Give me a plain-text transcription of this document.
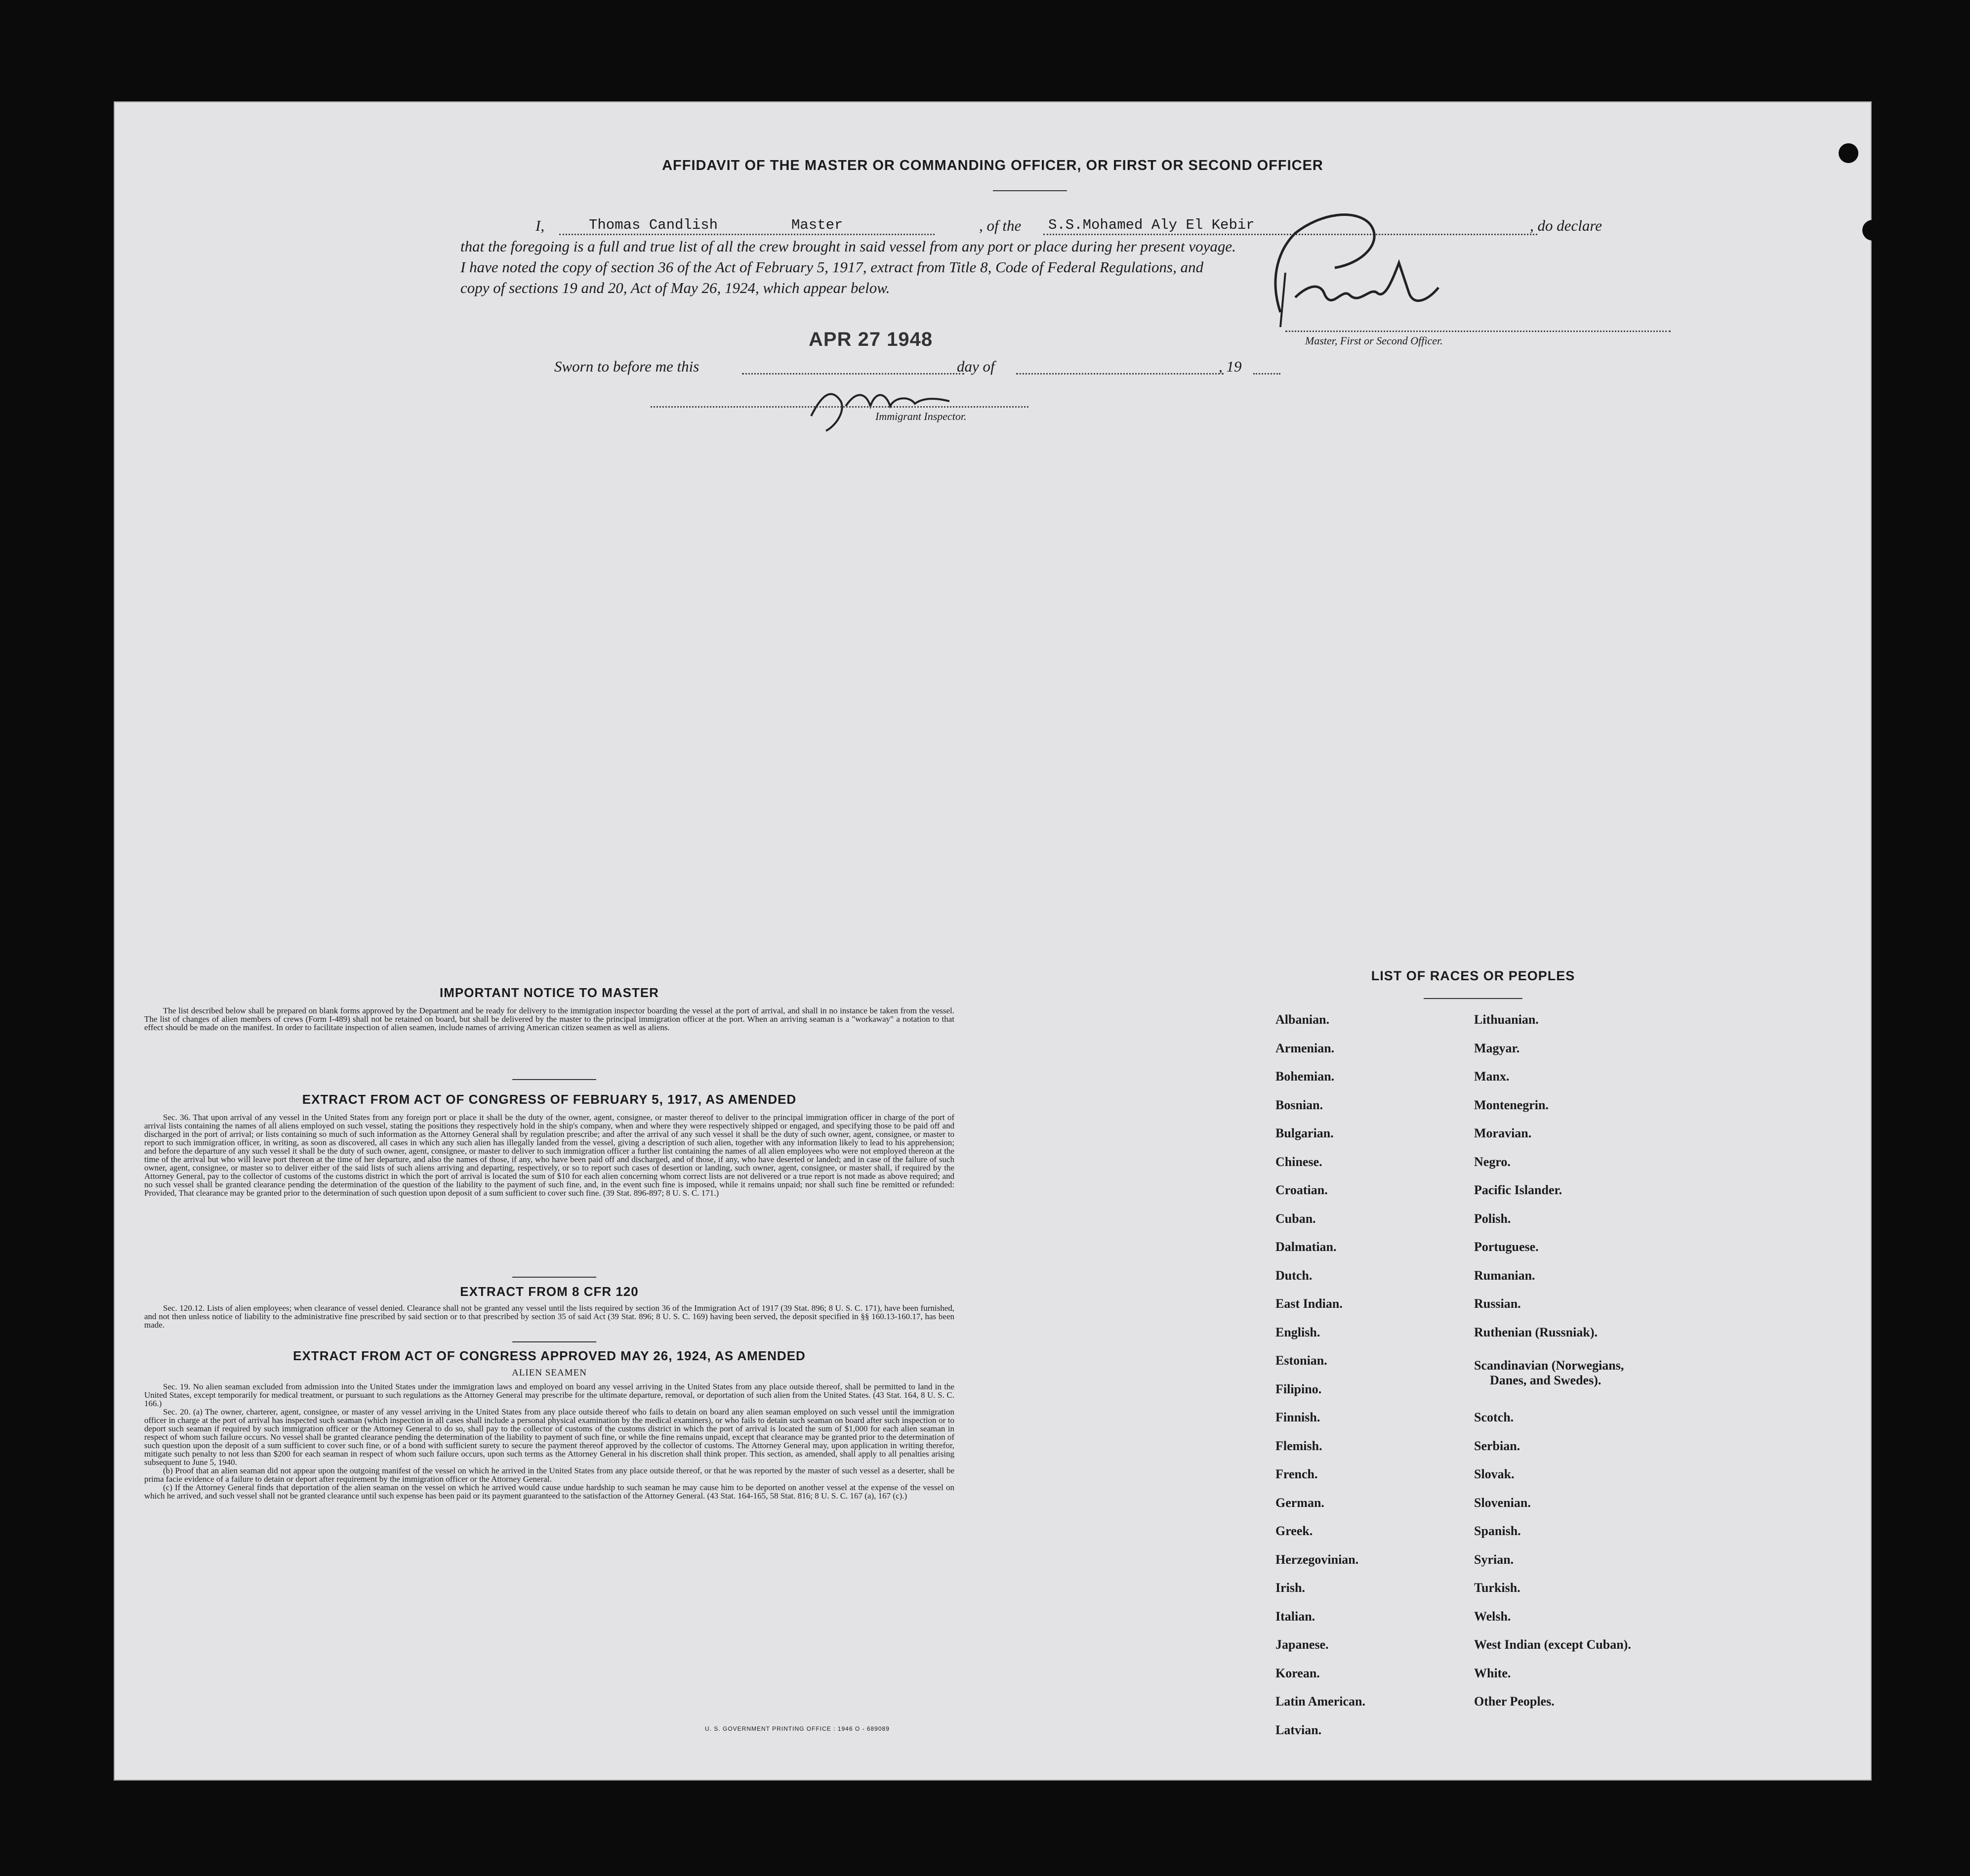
AFFIDAVIT OF THE MASTER OR COMMANDING OFFICER, OR FIRST OR SECOND OFFICER
I,	Thomas Candlish	Master	, of the S.S.Mohamed Aly El Kebir	, do declare
that the foregoing is a full and true list of all the crew brought in said vessel from any port or place during her present voyage.
I have noted the copy of section 36 of the Act of February 5, 1917, extract from Title 8, Code of Federal Regulations, and
copy of sections 19 and 20, Act of May 26, 1924, which appear below.
Master, First or Second Officer.
Sworn to before me this
APR 27 1948
day of	, 19
Immigrant Inspector.
IMPORTANT NOTICE TO MASTER

The list described below shall be prepared on blank forms approved by the Department and be ready for delivery to the immigration inspector boarding the vessel at the port of arrival, and shall in no instance be taken from the vessel. The list of changes of alien members of crews (Form I-489) shall not be retained on board, but shall be delivered by the master to the principal immigration officer at the port. When an arriving seaman is a "workaway" a notation to that effect should be made on the manifest. In order to facilitate inspection of alien seamen, include names of arriving American citizen seamen as well as aliens.

EXTRACT FROM ACT OF CONGRESS OF FEBRUARY 5, 1917, AS AMENDED

Sec. 36. That upon arrival of any vessel in the United States from any foreign port or place it shall be the duty of the owner, agent, consignee, or master thereof to deliver to the principal immigration officer in charge of the port of arrival lists containing the names of all aliens employed on such vessel, stating the positions they respectively hold in the ship's company, when and where they were respectively shipped or engaged, and specifying those to be paid off and discharged in the port of arrival; or lists containing so much of such information as the Attorney General shall by regulation prescribe; and after the arrival of any such vessel it shall be the duty of such owner, agent, consignee, or master to report to such immigration officer, in writing, as soon as discovered, all cases in which any such alien has illegally landed from the vessel, giving a description of such alien, together with any information likely to lead to his apprehension; and before the departure of any such vessel it shall be the duty of such owner, agent, consignee, or master to deliver to such immigration officer a further list containing the names of all alien employees who were not employed thereon at the time of the arrival but who will leave port thereon at the time of her departure, and also the names of those, if any, who have been paid off and discharged, and of those, if any, who have deserted or landed; and in case of the failure of such owner, agent, consignee, or master so to deliver either of the said lists of such aliens arriving and departing, respectively, or so to report such cases of desertion or landing, such owner, agent, consignee, or master shall, if required by the Attorney General, pay to the collector of customs of the customs district in which the port of arrival is located the sum of $10 for each alien concerning whom correct lists are not delivered or a true report is not made as above required; and no such vessel shall be granted clearance pending the determination of the question of the liability to the payment of such fine, and, in the event such fine is imposed, while it remains unpaid; nor shall such fine be remitted or refunded: Provided, That clearance may be granted prior to the determination of such question upon deposit of a sum sufficient to cover such fine. (39 Stat. 896-897; 8 U. S. C. 171.)

EXTRACT FROM 8 CFR 120

Sec. 120.12. Lists of alien employees; when clearance of vessel denied. Clearance shall not be granted any vessel until the lists required by section 36 of the Immigration Act of 1917 (39 Stat. 896; 8 U. S. C. 171), have been furnished, and not then unless notice of liability to the administrative fine prescribed by said section or to that prescribed by section 35 of said Act (39 Stat. 896; 8 U. S. C. 169) having been served, the deposit specified in §§ 160.13-160.17, has been made.

EXTRACT FROM ACT OF CONGRESS APPROVED MAY 26, 1924, AS AMENDED
ALIEN SEAMEN

Sec. 19. No alien seaman excluded from admission into the United States under the immigration laws and employed on board any vessel arriving in the United States from any place outside thereof, shall be permitted to land in the United States, except temporarily for medical treatment, or pursuant to such regulations as the Attorney General may prescribe for the ultimate departure, removal, or deportation of such alien from the United States. (43 Stat. 164, 8 U. S. C. 166.)

Sec. 20. (a) The owner, charterer, agent, consignee, or master of any vessel arriving in the United States from any place outside thereof who fails to detain on board any alien seaman employed on such vessel until the immigration officer in charge at the port of arrival has inspected such seaman (which inspection in all cases shall include a personal physical examination by the medical examiners), or who fails to detain such seaman on board after such inspection or to deport such seaman if required by such immigration officer or the Attorney General to do so, shall pay to the collector of customs of the customs district in which the port of arrival is located the sum of $1,000 for each alien seaman in respect of whom such failure occurs. No vessel shall be granted clearance pending the determination of the liability to payment of such fine, or while the fine remains unpaid, except that clearance may be granted prior to the determination of such question upon the deposit of a sum sufficient to cover such fine, or of a bond with sufficient surety to secure the payment thereof approved by the collector of customs. The Attorney General may, upon application in writing therefor, mitigate such penalty to not less than $200 for each seaman in respect of whom such failure occurs, upon such terms as the Attorney General in his discretion shall think proper. This section, as amended, shall apply to all penalties arising subsequent to June 5, 1940.

(b) Proof that an alien seaman did not appear upon the outgoing manifest of the vessel on which he arrived in the United States from any place outside thereof, or that he was reported by the master of such vessel as a deserter, shall be prima facie evidence of a failure to detain or deport after requirement by the immigration officer or the Attorney General.

(c) If the Attorney General finds that deportation of the alien seaman on the vessel on which he arrived would cause undue hardship to such seaman he may cause him to be deported on another vessel at the expense of the vessel on which he arrived, and such vessel shall not be granted clearance until such expense has been paid or its payment guaranteed to the satisfaction of the Attorney General. (43 Stat. 164-165, 58 Stat. 816; 8 U. S. C. 167 (a), 167 (c).)

U. S. GOVERNMENT PRINTING OFFICE : 1946 O - 689089
LIST OF RACES OR PEOPLES
Albanian.
Armenian.
Bohemian.
Bosnian.
Bulgarian.
Chinese.
Croatian.
Cuban.
Dalmatian.
Dutch.
East Indian.
English.
Estonian.
Filipino.
Finnish.
Flemish.
French.
German.
Greek.
Herzegovinian.
Irish.
Italian.
Japanese.
Korean.
Latin American.
Latvian.
Lithuanian.
Magyar.
Manx.
Montenegrin.
Moravian.
Negro.
Pacific Islander.
Polish.
Portuguese.
Rumanian.
Russian.
Ruthenian (Russniak).
Scandinavian (Norwegians,
Danes, and Swedes).
Scotch.
Serbian.
Slovak.
Slovenian.
Spanish.
Syrian.
Turkish.
Welsh.
West Indian (except Cuban).
White.
Other Peoples.
